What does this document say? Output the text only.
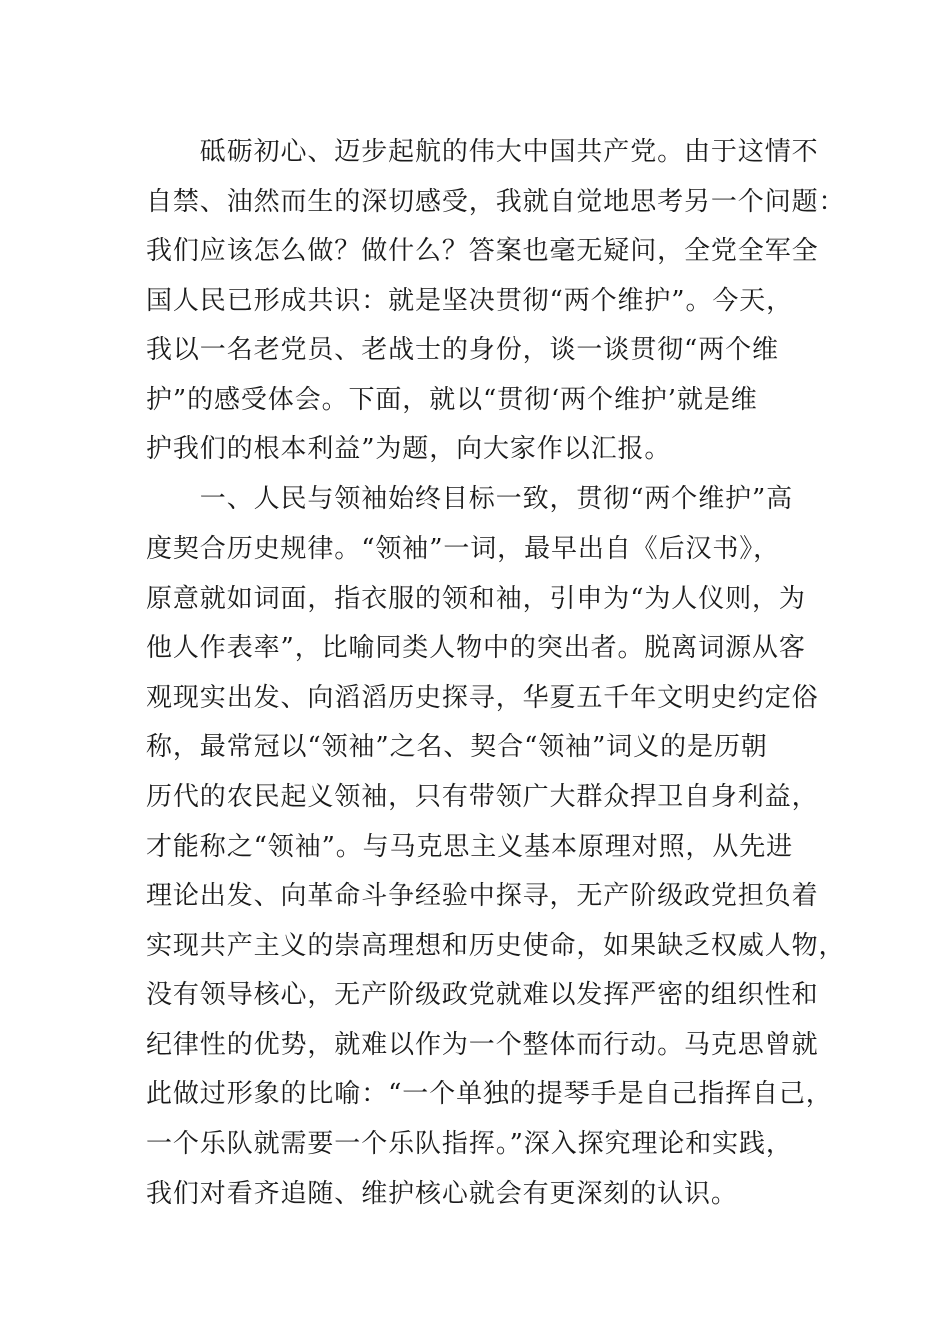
　　砥砺初心、迈步起航的伟大中国共产党。由于这情不
自禁、油然而生的深切感受，我就自觉地思考另一个问题：
我们应该怎么做？做什么？答案也毫无疑问，全党全军全
国人民已形成共识：就是坚决贯彻“两个维护”。今天，
我以一名老党员、老战士的身份，谈一谈贯彻“两个维
护”的感受体会。下面，就以“贯彻‘两个维护’就是维
护我们的根本利益”为题，向大家作以汇报。
　　一、人民与领袖始终目标一致，贯彻“两个维护”高
度契合历史规律。“领袖”一词，最早出自《后汉书》，
原意就如词面，指衣服的领和袖，引申为“为人仪则，为
他人作表率”，比喻同类人物中的突出者。脱离词源从客
观现实出发、向滔滔历史探寻，华夏五千年文明史约定俗
称，最常冠以“领袖”之名、契合“领袖”词义的是历朝
历代的农民起义领袖，只有带领广大群众捍卫自身利益，
才能称之“领袖”。与马克思主义基本原理对照，从先进
理论出发、向革命斗争经验中探寻，无产阶级政党担负着
实现共产主义的崇高理想和历史使命，如果缺乏权威人物，
没有领导核心，无产阶级政党就难以发挥严密的组织性和
纪律性的优势，就难以作为一个整体而行动。马克思曾就
此做过形象的比喻：“一个单独的提琴手是自己指挥自己，
一个乐队就需要一个乐队指挥。”深入探究理论和实践，
我们对看齐追随、维护核心就会有更深刻的认识。
